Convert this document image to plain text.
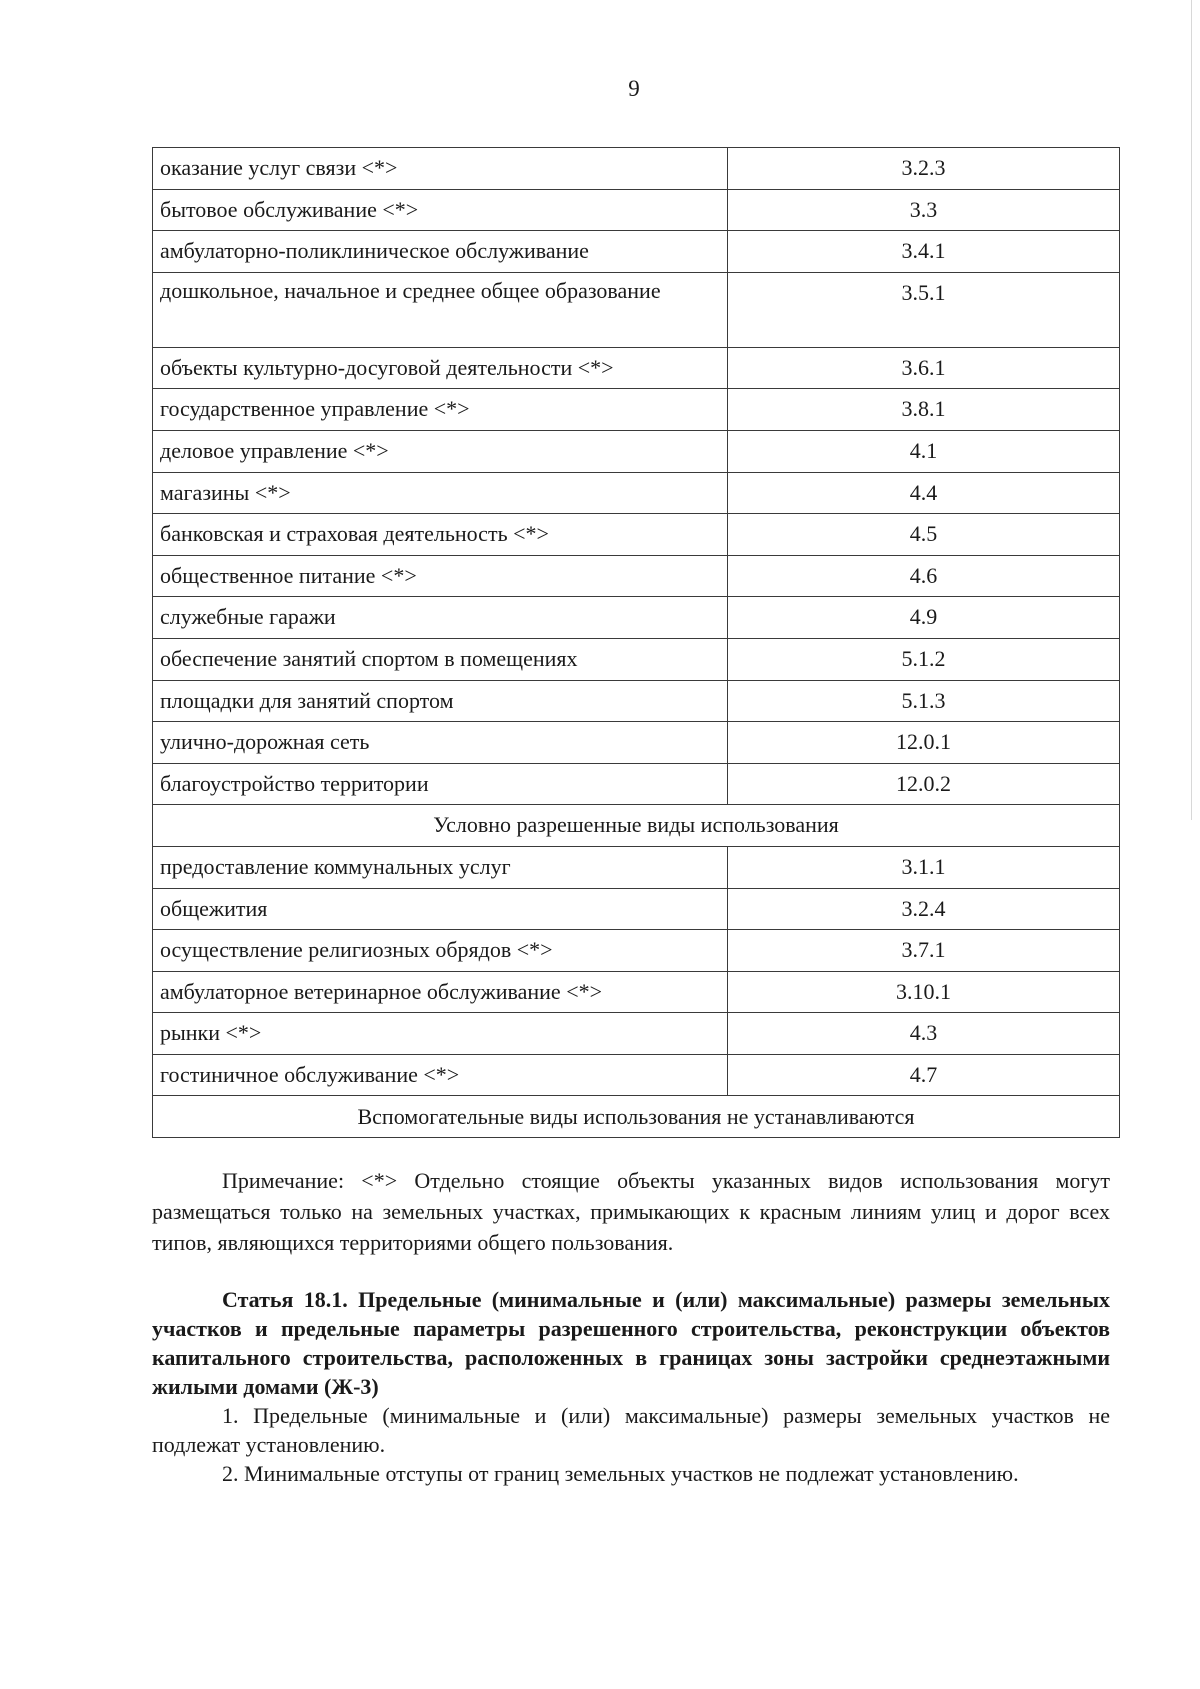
9
оказание услуг связи <*>	3.2.3
бытовое обслуживание <*>	3.3
амбулаторно-поликлиническое обслуживание	3.4.1
дошкольное, начальное и среднее общее образование	3.5.1
объекты культурно-досуговой деятельности <*>	3.6.1
государственное управление <*>	3.8.1
деловое управление <*>	4.1
магазины <*>	4.4
банковская и страховая деятельность <*>	4.5
общественное питание <*>	4.6
служебные гаражи	4.9
обеспечение занятий спортом в помещениях	5.1.2
площадки для занятий спортом	5.1.3
улично-дорожная сеть	12.0.1
благоустройство территории	12.0.2
Условно разрешенные виды использования	
предоставление коммунальных услуг	3.1.1
общежития	3.2.4
осуществление религиозных обрядов <*>	3.7.1
амбулаторное ветеринарное обслуживание <*>	3.10.1
рынки <*>	4.3
гостиничное обслуживание <*>	4.7
Вспомогательные виды использования не устанавливаются	

Примечание: <*> Отдельно стоящие объекты указанных видов использования могут размещаться только на земельных участках, примыкающих к красным линиям улиц и дорог всех типов, являющихся территориями общего пользования.

Статья 18.1. Предельные (минимальные и (или) максимальные) размеры земельных участков и предельные параметры разрешенного строительства, реконструкции объектов капитального строительства, расположенных в границах зоны застройки среднеэтажными жилыми домами (Ж-3)

1. Предельные (минимальные и (или) максимальные) размеры земельных участков не подлежат установлению.

2. Минимальные отступы от границ земельных участков не подлежат установлению.
